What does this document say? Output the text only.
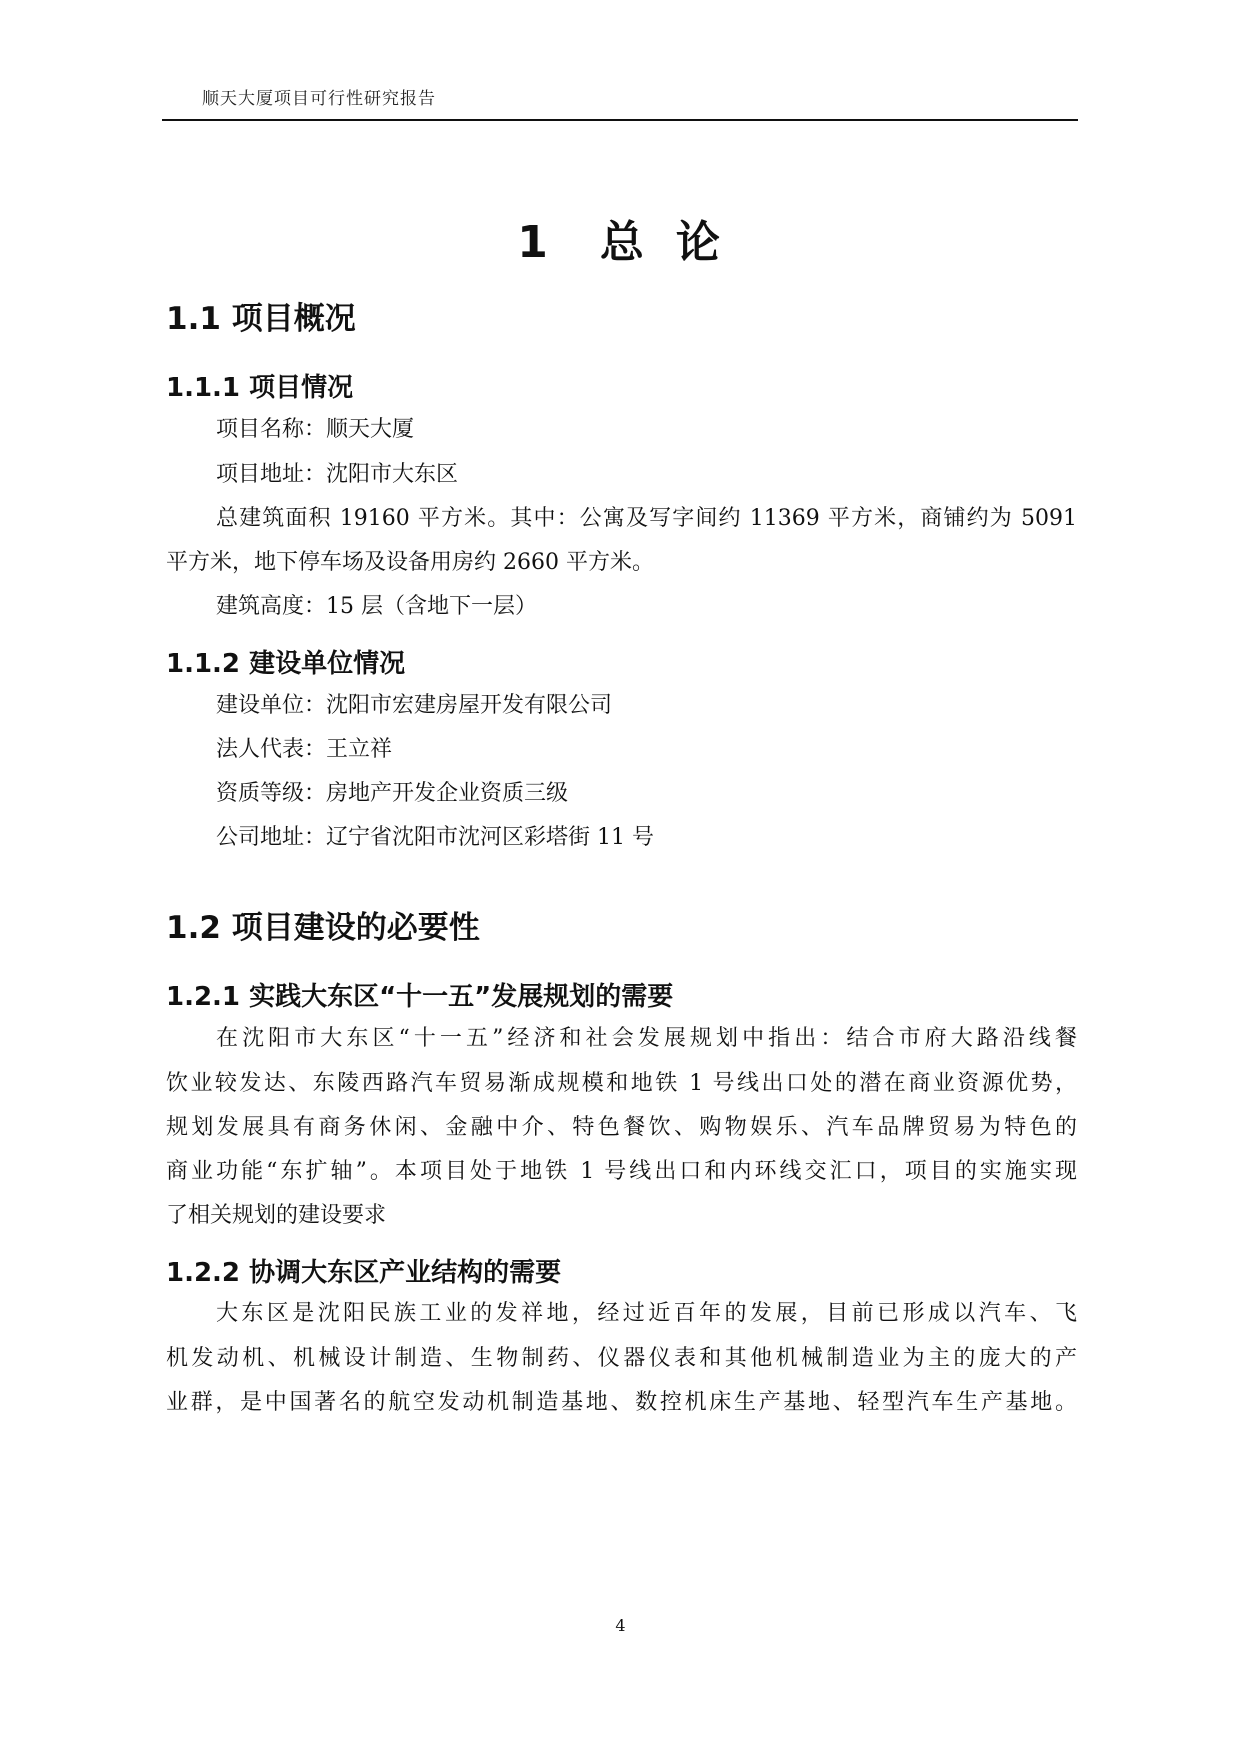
顺天大厦项目可行性研究报告
1 总 论
1.1 项目概况
1.1.1 项目情况
项目名称：顺天大厦
项目地址：沈阳市大东区
总建筑面积 19160 平方米。其中：公寓及写字间约 11369 平方米，商铺约为 5091
平方米，地下停车场及设备用房约 2660 平方米。
建筑高度：15 层（含地下一层）
1.1.2 建设单位情况
建设单位：沈阳市宏建房屋开发有限公司
法人代表：王立祥
资质等级：房地产开发企业资质三级
公司地址：辽宁省沈阳市沈河区彩塔街 11 号
1.2 项目建设的必要性
1.2.1 实践大东区“十一五”发展规划的需要
在沈阳市大东区“十一五”经济和社会发展规划中指出：结合市府大路沿线餐
饮业较发达、东陵西路汽车贸易渐成规模和地铁 1 号线出口处的潜在商业资源优势，
规划发展具有商务休闲、金融中介、特色餐饮、购物娱乐、汽车品牌贸易为特色的
商业功能“东扩轴”。本项目处于地铁 1 号线出口和内环线交汇口，项目的实施实现
了相关规划的建设要求
1.2.2 协调大东区产业结构的需要
大东区是沈阳民族工业的发祥地，经过近百年的发展，目前已形成以汽车、飞
机发动机、机械设计制造、生物制药、仪器仪表和其他机械制造业为主的庞大的产
业群，是中国著名的航空发动机制造基地、数控机床生产基地、轻型汽车生产基地。
4
